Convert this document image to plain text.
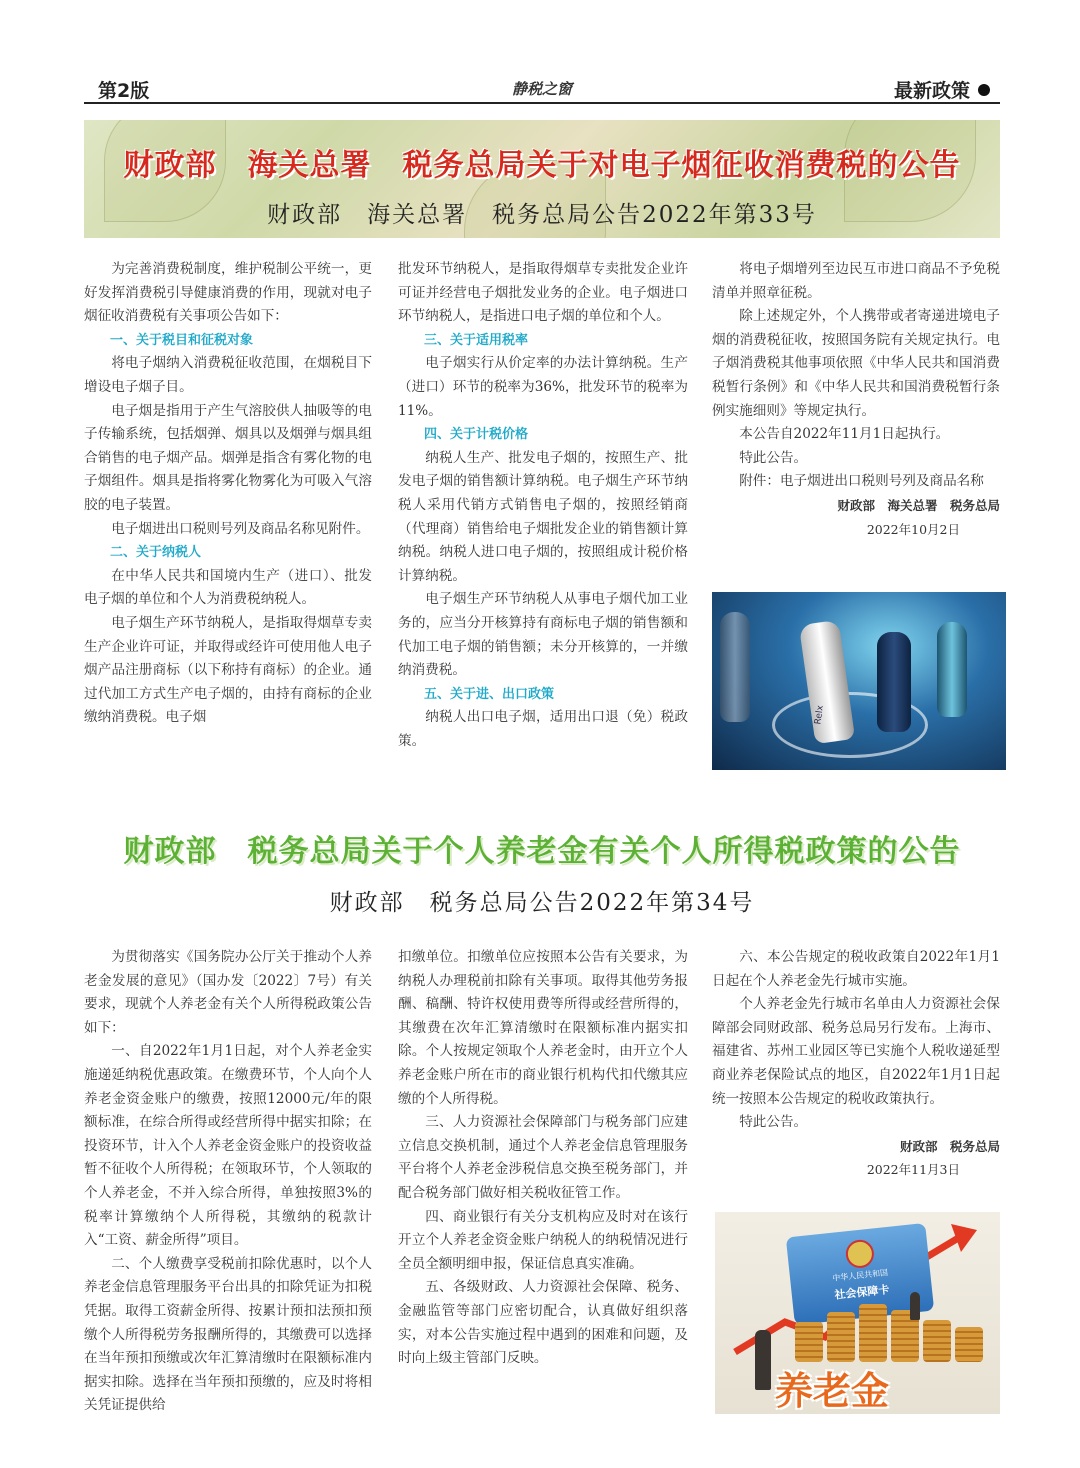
第2版	静税之窗	最新政策
财政部　海关总署　税务总局关于对电子烟征收消费税的公告
财政部　海关总署　税务总局公告2022年第33号

为完善消费税制度，维护税制公平统一，更好发挥消费税引导健康消费的作用，现就对电子烟征收消费税有关事项公告如下：

一、关于税目和征税对象

将电子烟纳入消费税征收范围，在烟税目下增设电子烟子目。

电子烟是指用于产生气溶胶供人抽吸等的电子传输系统，包括烟弹、烟具以及烟弹与烟具组合销售的电子烟产品。烟弹是指含有雾化物的电子烟组件。烟具是指将雾化物雾化为可吸入气溶胶的电子装置。

电子烟进出口税则号列及商品名称见附件。

二、关于纳税人

在中华人民共和国境内生产（进口）、批发电子烟的单位和个人为消费税纳税人。

电子烟生产环节纳税人，是指取得烟草专卖生产企业许可证，并取得或经许可使用他人电子烟产品注册商标（以下称持有商标）的企业。通过代加工方式生产电子烟的，由持有商标的企业缴纳消费税。电子烟

批发环节纳税人，是指取得烟草专卖批发企业许可证并经营电子烟批发业务的企业。电子烟进口环节纳税人，是指进口电子烟的单位和个人。

三、关于适用税率

电子烟实行从价定率的办法计算纳税。生产（进口）环节的税率为36%，批发环节的税率为11%。

四、关于计税价格

纳税人生产、批发电子烟的，按照生产、批发电子烟的销售额计算纳税。电子烟生产环节纳税人采用代销方式销售电子烟的，按照经销商（代理商）销售给电子烟批发企业的销售额计算纳税。纳税人进口电子烟的，按照组成计税价格计算纳税。

电子烟生产环节纳税人从事电子烟代加工业务的，应当分开核算持有商标电子烟的销售额和代加工电子烟的销售额；未分开核算的，一并缴纳消费税。

五、关于进、出口政策

纳税人出口电子烟，适用出口退（免）税政策。

将电子烟增列至边民互市进口商品不予免税清单并照章征税。

除上述规定外，个人携带或者寄递进境电子烟的消费税征收，按照国务院有关规定执行。电子烟消费税其他事项依照《中华人民共和国消费税暂行条例》和《中华人民共和国消费税暂行条例实施细则》等规定执行。

本公告自2022年11月1日起执行。

特此公告。

附件：电子烟进出口税则号列及商品名称

财政部　海关总署　税务总局

2022年10月2日

Relx
财政部　税务总局关于个人养老金有关个人所得税政策的公告
财政部　税务总局公告2022年第34号

为贯彻落实《国务院办公厅关于推动个人养老金发展的意见》（国办发〔2022〕7号）有关要求，现就个人养老金有关个人所得税政策公告如下：

一、自2022年1月1日起，对个人养老金实施递延纳税优惠政策。在缴费环节，个人向个人养老金资金账户的缴费，按照12000元/年的限额标准，在综合所得或经营所得中据实扣除；在投资环节，计入个人养老金资金账户的投资收益暂不征收个人所得税；在领取环节，个人领取的个人养老金，不并入综合所得，单独按照3%的税率计算缴纳个人所得税，其缴纳的税款计入“工资、薪金所得”项目。

二、个人缴费享受税前扣除优惠时，以个人养老金信息管理服务平台出具的扣除凭证为扣税凭据。取得工资薪金所得、按累计预扣法预扣预缴个人所得税劳务报酬所得的，其缴费可以选择在当年预扣预缴或次年汇算清缴时在限额标准内据实扣除。选择在当年预扣预缴的，应及时将相关凭证提供给

扣缴单位。扣缴单位应按照本公告有关要求，为纳税人办理税前扣除有关事项。取得其他劳务报酬、稿酬、特许权使用费等所得或经营所得的，其缴费在次年汇算清缴时在限额标准内据实扣除。个人按规定领取个人养老金时，由开立个人养老金账户所在市的商业银行机构代扣代缴其应缴的个人所得税。

三、人力资源社会保障部门与税务部门应建立信息交换机制，通过个人养老金信息管理服务平台将个人养老金涉税信息交换至税务部门，并配合税务部门做好相关税收征管工作。

四、商业银行有关分支机构应及时对在该行开立个人养老金资金账户纳税人的纳税情况进行全员全额明细申报，保证信息真实准确。

五、各级财政、人力资源社会保障、税务、金融监管等部门应密切配合，认真做好组织落实，对本公告实施过程中遇到的困难和问题，及时向上级主管部门反映。

六、本公告规定的税收政策自2022年1月1日起在个人养老金先行城市实施。

个人养老金先行城市名单由人力资源社会保障部会同财政部、税务总局另行发布。上海市、福建省、苏州工业园区等已实施个人税收递延型商业养老保险试点的地区，自2022年1月1日起统一按照本公告规定的税收政策执行。

特此公告。

财政部　税务总局

2022年11月3日

中华人民共和国
社会保障卡
养老金
